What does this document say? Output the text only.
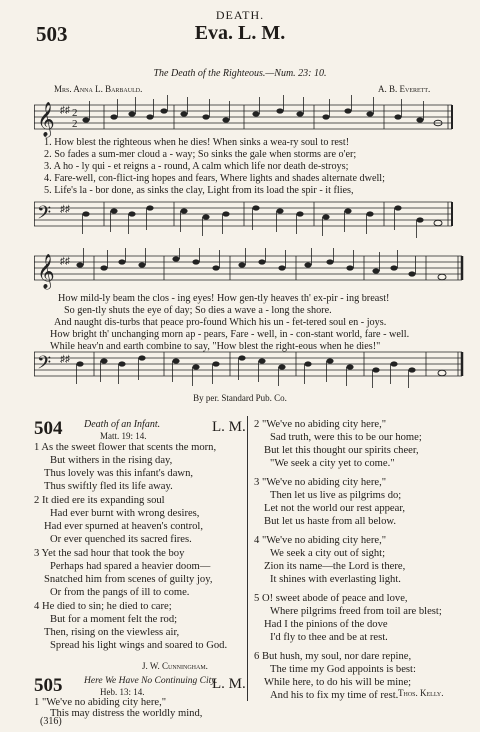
DEATH.
503	Eva. L. M.
The Death of the Righteous.—Num. 23: 10.
Mrs. Anna L. Barbauld.	A. B. Everett.
𝄞 ♯♯ 2
2
1. How blest the righteous when he dies! When sinks a wea-ry soul to rest!
2. So fades a sum-mer cloud a - way; So sinks the gale when storms are o'er;
3. A ho - ly qui - et reigns a - round, A calm which life nor death de-stroys;
4. Fare-well, con-flict-ing hopes and fears, Where lights and shades alternate dwell;
5. Life's la - bor done, as sinks the clay, Light from its load the spir - it flies,
𝄢 ♯♯
𝄞 ♯♯
How mild-ly beam the clos - ing eyes! How gen-tly heaves th' ex-pir - ing breast!
So gen-tly shuts the eye of day; So dies a wave a - long the shore.
And naught dis-turbs that peace pro-found Which his un - fet-tered soul en - joys.
How bright th' unchanging morn ap - pears, Fare - well, in - con-stant world, fare - well.
While heav'n and earth combine to say, "How blest the right-eous when he dies!"
𝄢 ♯♯
By per. Standard Pub. Co.
504 Death of an Infant.
Matt. 19: 14.
L. M.
1 As the sweet flower that scents the morn,
But withers in the rising day,
Thus lovely was this infant's dawn,
Thus swiftly fled its life away.
2 It died ere its expanding soul
Had ever burnt with wrong desires,
Had ever spurned at heaven's control,
Or ever quenched its sacred fires.
3 Yet the sad hour that took the boy
Perhaps had spared a heavier doom—
Snatched him from scenes of guilty joy,
Or from the pangs of ill to come.
4 He died to sin; he died to care;
But for a moment felt the rod;
Then, rising on the viewless air,
Spread his light wings and soared to God.
J. W. Cunningham.
505 Here We Have No Continuing City.
Heb. 13: 14.	L. M.
1 "We've no abiding city here,"
This may distress the worldly mind,
(316)
2 "We've no abiding city here,"
Sad truth, were this to be our home;
But let this thought our spirits cheer,
"We seek a city yet to come."
3 "We've no abiding city here,"
Then let us live as pilgrims do;
Let not the world our rest appear,
But let us haste from all below.
4 "We've no abiding city here,"
We seek a city out of sight;
Zion its name—the Lord is there,
It shines with everlasting light.
5 O! sweet abode of peace and love,
Where pilgrims freed from toil are blest;
Had I the pinions of the dove
I'd fly to thee and be at rest.
6 But hush, my soul, nor dare repine,
The time my God appoints is best:
While here, to do his will be mine;
And his to fix my time of rest. Thos. Kelly.
